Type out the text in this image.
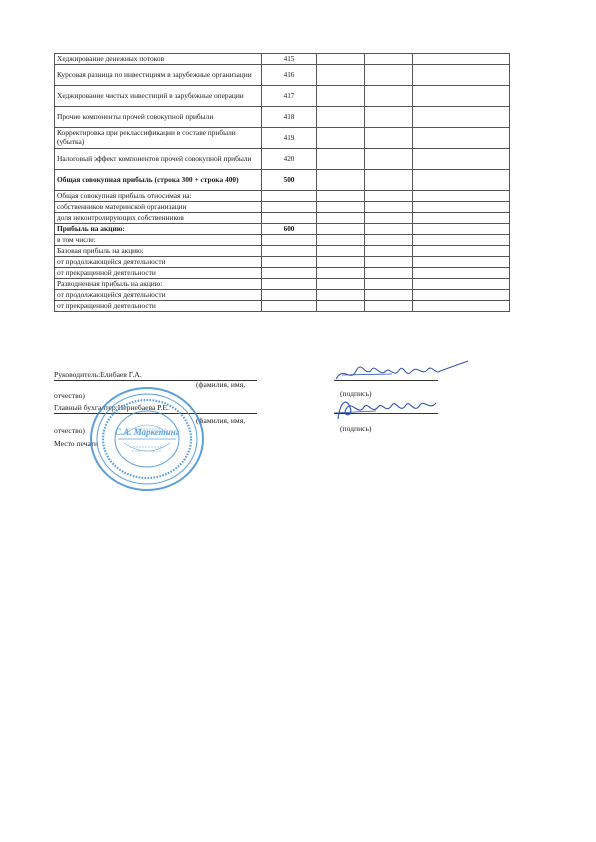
Хеджирование денежных потоков	415			
Курсовая разница по инвестициям в зарубежные организации	416			
Хеджирование чистых инвестиций в зарубежные операции	417			
Прочие компоненты прочей совокупной прибыли	418			
Корректировка при реклассификации в составе прибыли (убытка)	419			
Налоговый эффект компонентов прочей совокупной прибыли	420			
Общая совокупная прибыль (строка 300 + строка 400)	500			
Общая совокупная прибыль относимая на:				
собственников материнской организации				
доля неконтролирующих собственников				
Прибыль на акцию:	600			
в том числе:				
Базовая прибыль на акцию:				
от продолжающейся деятельности				
от прекращенной деятельности				
Разводненная прибыль на акцию:				
от продолжающейся деятельности				
от прекращенной деятельности				
Руководитель:Елибаев Г.А.
(фамилия, имя,
отчество)	(подпись)
Главный бухгалтер:Нернебаева Р.Е.
(фамилия, имя,
отчество)	(подпись)
Место печати
С.А. Маркетинг
